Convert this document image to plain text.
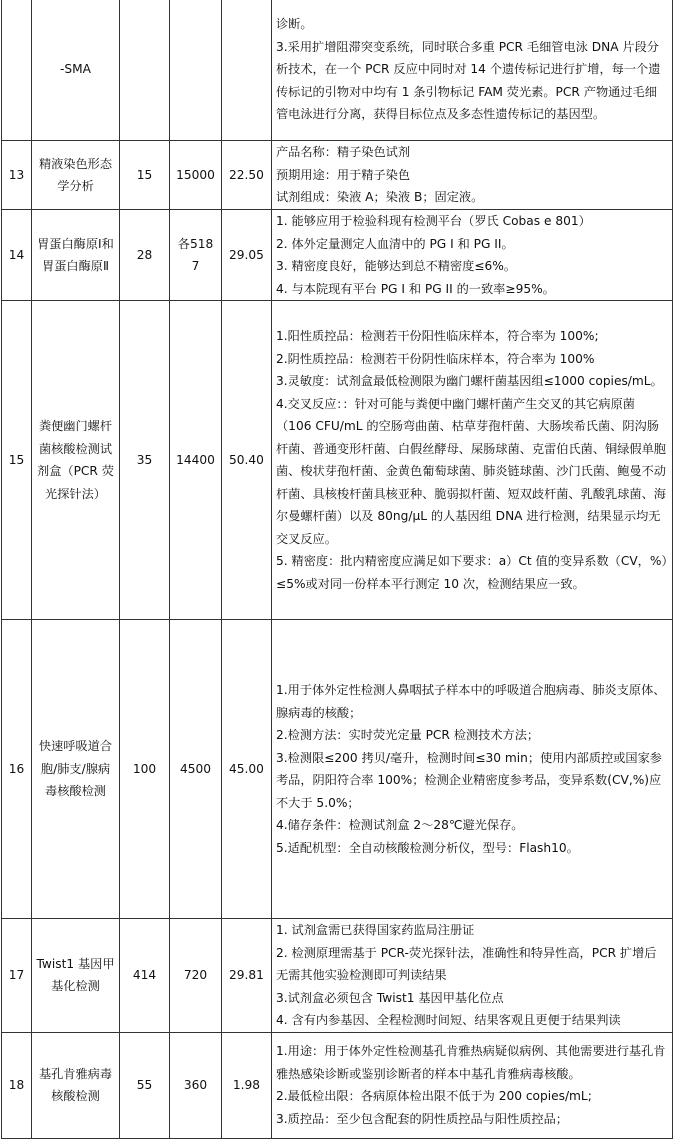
	-SMA				诊断。
3.采用扩增阻滞突变系统，同时联合多重 PCR 毛细管电泳 DNA 片段分析技术，在一个 PCR 反应中同时对 14 个遗传标记进行扩增，每一个遗传标记的引物对中均有 1 条引物标记 FAM 荧光素。PCR 产物通过毛细管电泳进行分离，获得目标位点及多态性遗传标记的基因型。

13	精液染色形态学分析	15	15000	22.50	产品名称：精子染色试剂
预期用途：用于精子染色
试剂组成：染液 A；染液 B；固定液。

14	胃蛋白酶原Ⅰ和胃蛋白酶原Ⅱ	28	各5187	29.05	1. 能够应用于检验科现有检测平台（罗氏 Cobas e 801）
2. 体外定量测定人血清中的 PG I 和 PG II。
3. 精密度良好，能够达到总不精密度≤6%。
4. 与本院现有平台 PG I 和 PG II 的一致率≥95%。

15	粪便幽门螺杆菌核酸检测试剂盒（PCR 荧光探针法）	35	14400	50.40	1.阳性质控品：检测若干份阳性临床样本，符合率为 100%;
2.阴性质控品：检测若干份阴性临床样本，符合率为 100%
3.灵敏度：试剂盒最低检测限为幽门螺杆菌基因组≤1000 copies/mL。
4.交叉反应：：针对可能与粪便中幽门螺杆菌产生交叉的其它病原菌（106 CFU/mL 的空肠弯曲菌、枯草芽孢杆菌、大肠埃希氏菌、阴沟肠杆菌、普通变形杆菌、白假丝酵母、屎肠球菌、克雷伯氏菌、铜绿假单胞菌、梭状芽孢杆菌、金黄色葡萄球菌、肺炎链球菌、沙门氏菌、鲍曼不动杆菌、具核梭杆菌具核亚种、脆弱拟杆菌、短双歧杆菌、乳酸乳球菌、海尔曼螺杆菌）以及 80ng/μL 的人基因组 DNA 进行检测，结果显示均无交叉反应。
5. 精密度：批内精密度应满足如下要求：a）Ct 值的变异系数（CV，%）≤5%或对同一份样本平行测定 10 次，检测结果应一致。

16	快速呼吸道合胞/肺支/腺病毒核酸检测	100	4500	45.00	1.用于体外定性检测人鼻咽拭子样本中的呼吸道合胞病毒、肺炎支原体、腺病毒的核酸；
2.检测方法：实时荧光定量 PCR 检测技术方法；
3.检测限≤200 拷贝/毫升，检测时间≤30 min；使用内部质控或国家参考品，阴阳符合率 100%；检测企业精密度参考品，变异系数(CV,%)应不大于 5.0%；
4.储存条件：检测试剂盒 2～28℃避光保存。
5.适配机型：全自动核酸检测分析仪，型号：Flash10。

17	Twist1 基因甲基化检测	414	720	29.81	1. 试剂盒需已获得国家药监局注册证
2. 检测原理需基于 PCR-荧光探针法，准确性和特异性高，PCR 扩增后无需其他实验检测即可判读结果
3.试剂盒必须包含 Twist1 基因甲基化位点
4. 含有内参基因、全程检测时间短、结果客观且更便于结果判读

18	基孔肯雅病毒核酸检测	55	360	1.98	1.用途：用于体外定性检测基孔肯雅热病疑似病例、其他需要进行基孔肯雅热感染诊断或鉴别诊断者的样本中基孔肯雅病毒核酸。
2.最低检出限：各病原体检出限不低于为 200 copies/mL;
3.质控品：至少包含配套的阴性质控品与阳性质控品；
